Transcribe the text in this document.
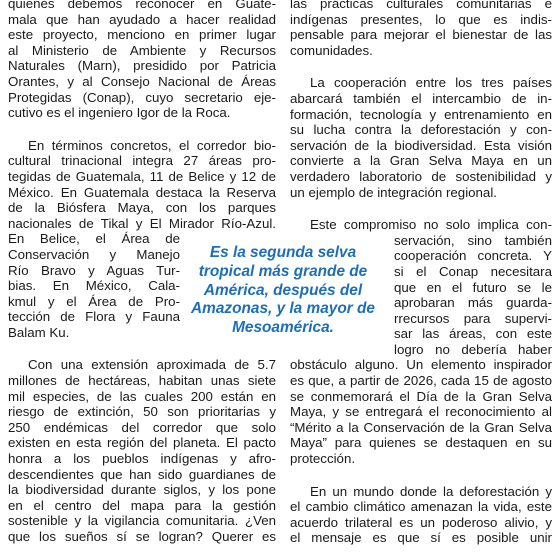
quienes debemos reconocer en Guate-
mala que han ayudado a hacer realidad
este proyecto, menciono en primer lugar
al Ministerio de Ambiente y Recursos
Naturales (Marn), presidido por Patricia
Orantes, y al Consejo Nacional de Áreas
Protegidas (Conap), cuyo secretario eje-
cutivo es el ingeniero Igor de la Roca.
En términos concretos, el corredor bio-
cultural trinacional integra 27 áreas pro-
tegidas de Guatemala, 11 de Belice y 12 de
México. En Guatemala destaca la Reserva
de la Biósfera Maya, con los parques
nacionales de Tikal y El Mirador Río-Azul.
En Belice, el Área de
Conservación y Manejo
Río Bravo y Aguas Tur-
bias. En México, Cala-
kmul y el Área de Pro-
tección de Flora y Fauna
Balam Ku.
Con una extensión aproximada de 5.7
millones de hectáreas, habitan unas siete
mil especies, de las cuales 200 están en
riesgo de extinción, 50 son prioritarias y
250 endémicas del corredor que solo
existen en esta región del planeta. El pacto
honra a los pueblos indígenas y afro-
descendientes que han sido guardianes de
la biodiversidad durante siglos, y los pone
en el centro del mapa para la gestión
sostenible y la vigilancia comunitaria. ¿Ven
que los sueños sí se logran? Querer es
las prácticas culturales comunitarias e
indígenas presentes, lo que es indis-
pensable para mejorar el bienestar de las
comunidades.
La cooperación entre los tres países
abarcará también el intercambio de in-
formación, tecnología y entrenamiento en
su lucha contra la deforestación y con-
servación de la biodiversidad. Esta visión
convierte a la Gran Selva Maya en un
verdadero laboratorio de sostenibilidad y
un ejemplo de integración regional.
Este compromiso no solo implica con-
servación, sino también
cooperación concreta. Y
si el Conap necesitara
que en el futuro se le
aprobaran más guarda-
rrecursos para supervi-
sar las áreas, con este
logro no debería haber
obstáculo alguno. Un elemento inspirador
es que, a partir de 2026, cada 15 de agosto
se conmemorará el Día de la Gran Selva
Maya, y se entregará el reconocimiento al
“Mérito a la Conservación de la Gran Selva
Maya” para quienes se destaquen en su
protección.
En un mundo donde la deforestación y
el cambio climático amenazan la vida, este
acuerdo trilateral es un poderoso alivio, y
el mensaje es que sí es posible unir
Es la segunda selva tropical más grande de América, después del Amazonas, y la mayor de Mesoamérica.
